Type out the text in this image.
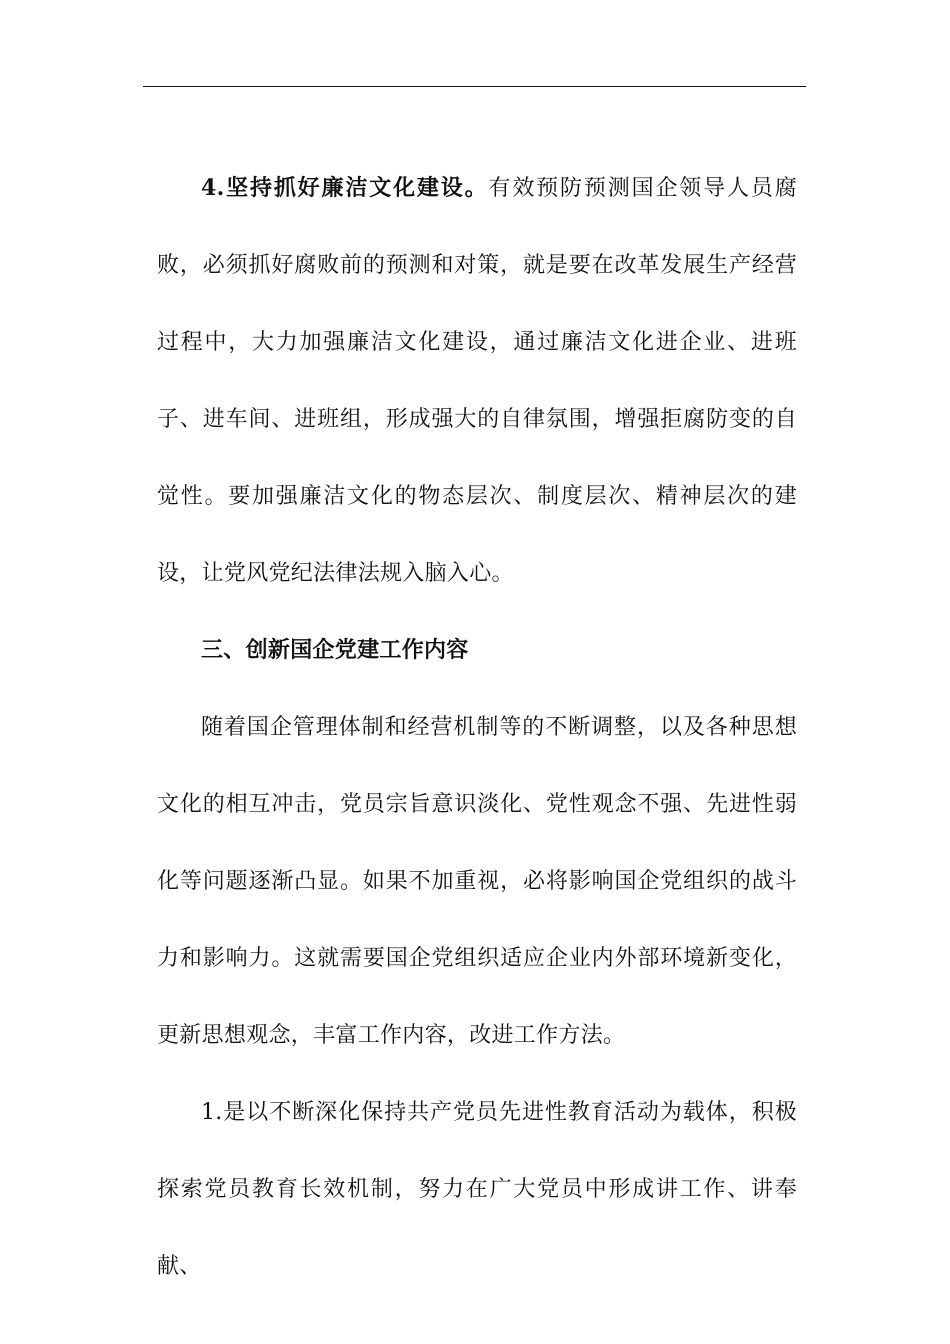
4.坚持抓好廉洁文化建设。有效预防预测国企领导人员腐败，必须抓好腐败前的预测和对策，就是要在改革发展生产经营过程中，大力加强廉洁文化建设，通过廉洁文化进企业、进班子、进车间、进班组，形成强大的自律氛围，增强拒腐防变的自觉性。要加强廉洁文化的物态层次、制度层次、精神层次的建设，让党风党纪法律法规入脑入心。

三、创新国企党建工作内容

随着国企管理体制和经营机制等的不断调整，以及各种思想文化的相互冲击，党员宗旨意识淡化、党性观念不强、先进性弱化等问题逐渐凸显。如果不加重视，必将影响国企党组织的战斗力和影响力。这就需要国企党组织适应企业内外部环境新变化，更新思想观念，丰富工作内容，改进工作方法。

1.是以不断深化保持共产党员先进性教育活动为载体，积极探索党员教育长效机制，努力在广大党员中形成讲工作、讲奉献、
